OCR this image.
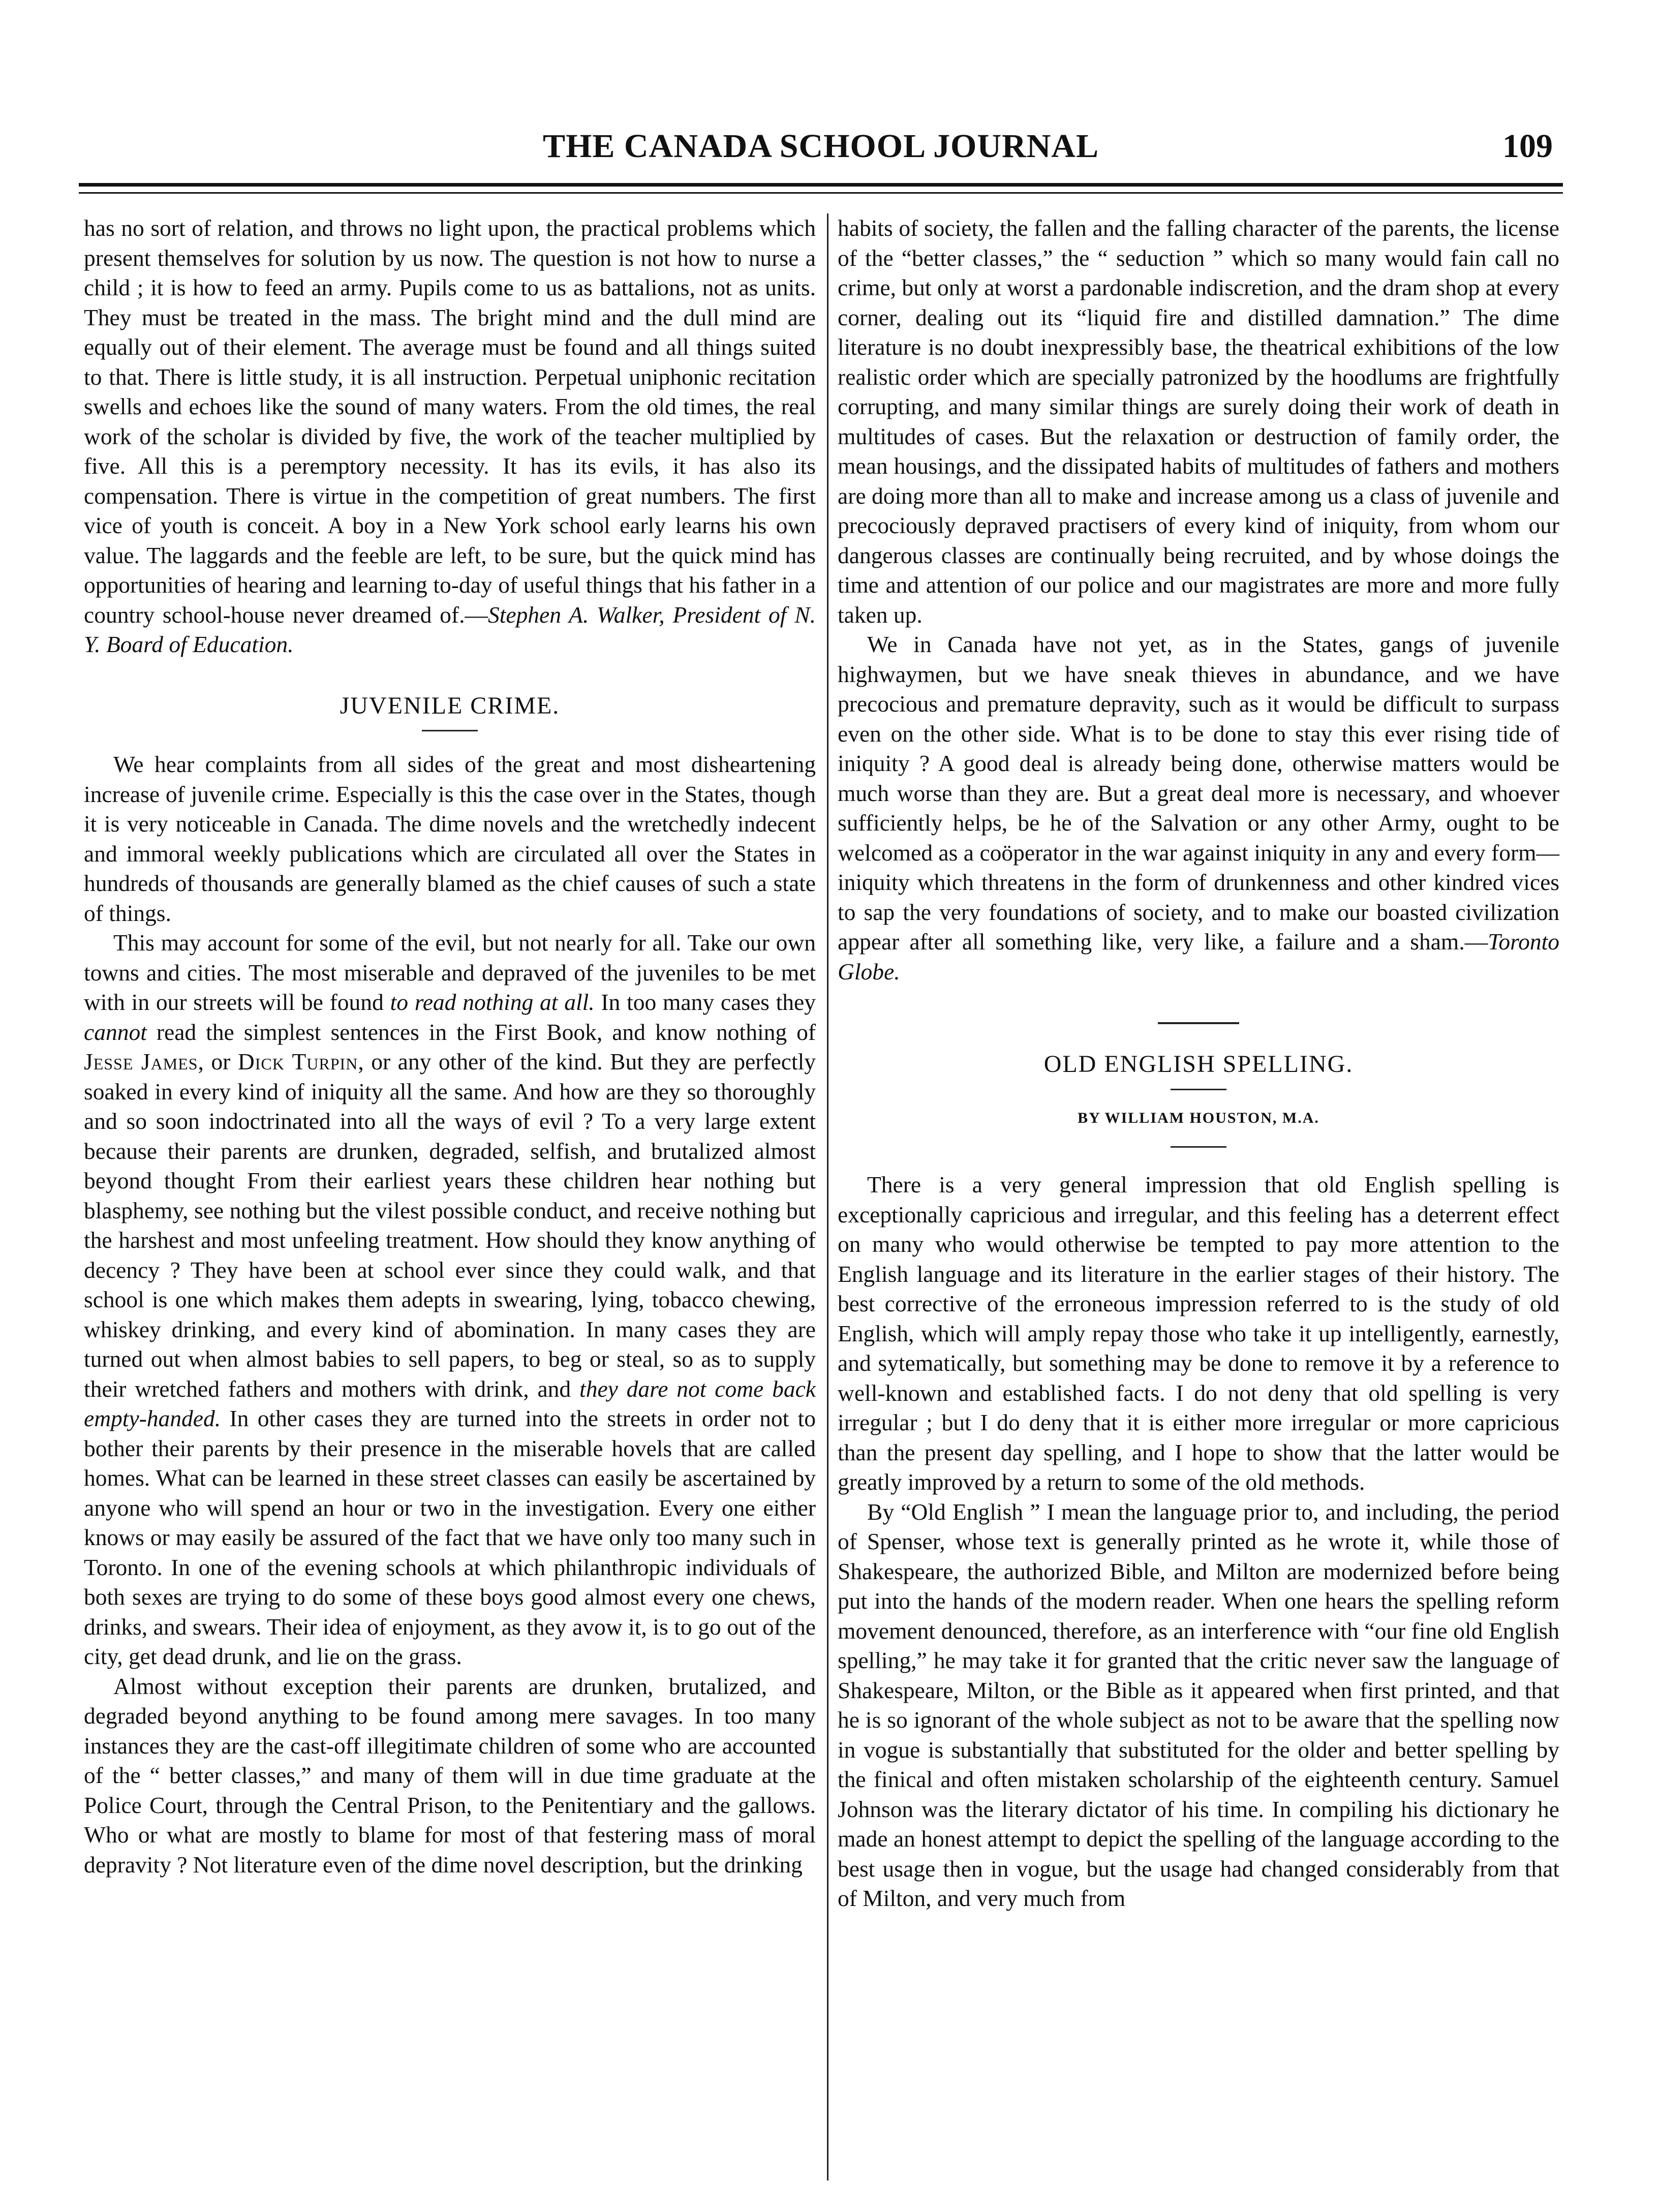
THE CANADA SCHOOL JOURNAL	109

has no sort of relation, and throws no light upon, the practical problems which present themselves for solution by us now. The question is not how to nurse a child ; it is how to feed an army. Pupils come to us as battalions, not as units. They must be treated in the mass. The bright mind and the dull mind are equally out of their element. The average must be found and all things suited to that. There is little study, it is all instruction. Perpetual uniphonic recitation swells and echoes like the sound of many waters. From the old times, the real work of the scholar is divided by five, the work of the teacher multiplied by five. All this is a peremptory necessity. It has its evils, it has also its compensation. There is virtue in the competition of great numbers. The first vice of youth is conceit. A boy in a New York school early learns his own value. The laggards and the feeble are left, to be sure, but the quick mind has opportunities of hearing and learning to-day of useful things that his father in a country school-house never dreamed of.—Stephen A. Walker, President of N. Y. Board of Education.

JUVENILE CRIME.

We hear complaints from all sides of the great and most disheartening increase of juvenile crime. Especially is this the case over in the States, though it is very noticeable in Canada. The dime novels and the wretchedly indecent and immoral weekly publications which are circulated all over the States in hundreds of thousands are generally blamed as the chief causes of such a state of things.

This may account for some of the evil, but not nearly for all. Take our own towns and cities. The most miserable and depraved of the juveniles to be met with in our streets will be found to read nothing at all. In too many cases they cannot read the simplest sentences in the First Book, and know nothing of Jesse James, or Dick Turpin, or any other of the kind. But they are perfectly soaked in every kind of iniquity all the same. And how are they so thoroughly and so soon indoctrinated into all the ways of evil ? To a very large extent because their parents are drunken, degraded, selfish, and brutalized almost beyond thought From their earliest years these children hear nothing but blasphemy, see nothing but the vilest possible conduct, and receive nothing but the harshest and most unfeeling treatment. How should they know anything of decency ? They have been at school ever since they could walk, and that school is one which makes them adepts in swearing, lying, tobacco chewing, whiskey drinking, and every kind of abomination. In many cases they are turned out when almost babies to sell papers, to beg or steal, so as to supply their wretched fathers and mothers with drink, and they dare not come back empty-handed. In other cases they are turned into the streets in order not to bother their parents by their presence in the miserable hovels that are called homes. What can be learned in these street classes can easily be ascertained by anyone who will spend an hour or two in the investigation. Every one either knows or may easily be assured of the fact that we have only too many such in Toronto. In one of the evening schools at which philanthropic individuals of both sexes are trying to do some of these boys good almost every one chews, drinks, and swears. Their idea of enjoyment, as they avow it, is to go out of the city, get dead drunk, and lie on the grass.

Almost without exception their parents are drunken, brutalized, and degraded beyond anything to be found among mere savages. In too many instances they are the cast-off illegitimate children of some who are accounted of the “ better classes,” and many of them will in due time graduate at the Police Court, through the Central Prison, to the Penitentiary and the gallows. Who or what are mostly to blame for most of that festering mass of moral depravity ? Not literature even of the dime novel description, but the drinking

habits of society, the fallen and the falling character of the parents, the license of the “better classes,” the “ seduction ” which so many would fain call no crime, but only at worst a pardonable indiscretion, and the dram shop at every corner, dealing out its “liquid fire and distilled damnation.” The dime literature is no doubt inexpressibly base, the theatrical exhibitions of the low realistic order which are specially patronized by the hoodlums are frightfully corrupting, and many similar things are surely doing their work of death in multitudes of cases. But the relaxation or destruction of family order, the mean housings, and the dissipated habits of multitudes of fathers and mothers are doing more than all to make and increase among us a class of juvenile and precociously depraved practisers of every kind of iniquity, from whom our dangerous classes are continually being recruited, and by whose doings the time and attention of our police and our magistrates are more and more fully taken up.

We in Canada have not yet, as in the States, gangs of juvenile highwaymen, but we have sneak thieves in abundance, and we have precocious and premature depravity, such as it would be difficult to surpass even on the other side. What is to be done to stay this ever rising tide of iniquity ? A good deal is already being done, otherwise matters would be much worse than they are. But a great deal more is necessary, and whoever sufficiently helps, be he of the Salvation or any other Army, ought to be welcomed as a coöperator in the war against iniquity in any and every form—iniquity which threatens in the form of drunkenness and other kindred vices to sap the very foundations of society, and to make our boasted civilization appear after all something like, very like, a failure and a sham.—Toronto Globe.

OLD ENGLISH SPELLING.

BY WILLIAM HOUSTON, M.A.

There is a very general impression that old English spelling is exceptionally capricious and irregular, and this feeling has a deterrent effect on many who would otherwise be tempted to pay more attention to the English language and its literature in the earlier stages of their history. The best corrective of the erroneous impression referred to is the study of old English, which will amply repay those who take it up intelligently, earnestly, and sytematically, but something may be done to remove it by a reference to well-known and established facts. I do not deny that old spelling is very irregular ; but I do deny that it is either more irregular or more capricious than the present day spelling, and I hope to show that the latter would be greatly improved by a return to some of the old methods.

By “Old English ” I mean the language prior to, and including, the period of Spenser, whose text is generally printed as he wrote it, while those of Shakespeare, the authorized Bible, and Milton are modernized before being put into the hands of the modern reader. When one hears the spelling reform movement denounced, therefore, as an interference with “our fine old English spelling,” he may take it for granted that the critic never saw the language of Shakespeare, Milton, or the Bible as it appeared when first printed, and that he is so ignorant of the whole subject as not to be aware that the spelling now in vogue is substantially that substituted for the older and better spelling by the finical and often mistaken scholarship of the eighteenth century. Samuel Johnson was the literary dictator of his time. In compiling his dictionary he made an honest attempt to depict the spelling of the language according to the best usage then in vogue, but the usage had changed considerably from that of Milton, and very much from
